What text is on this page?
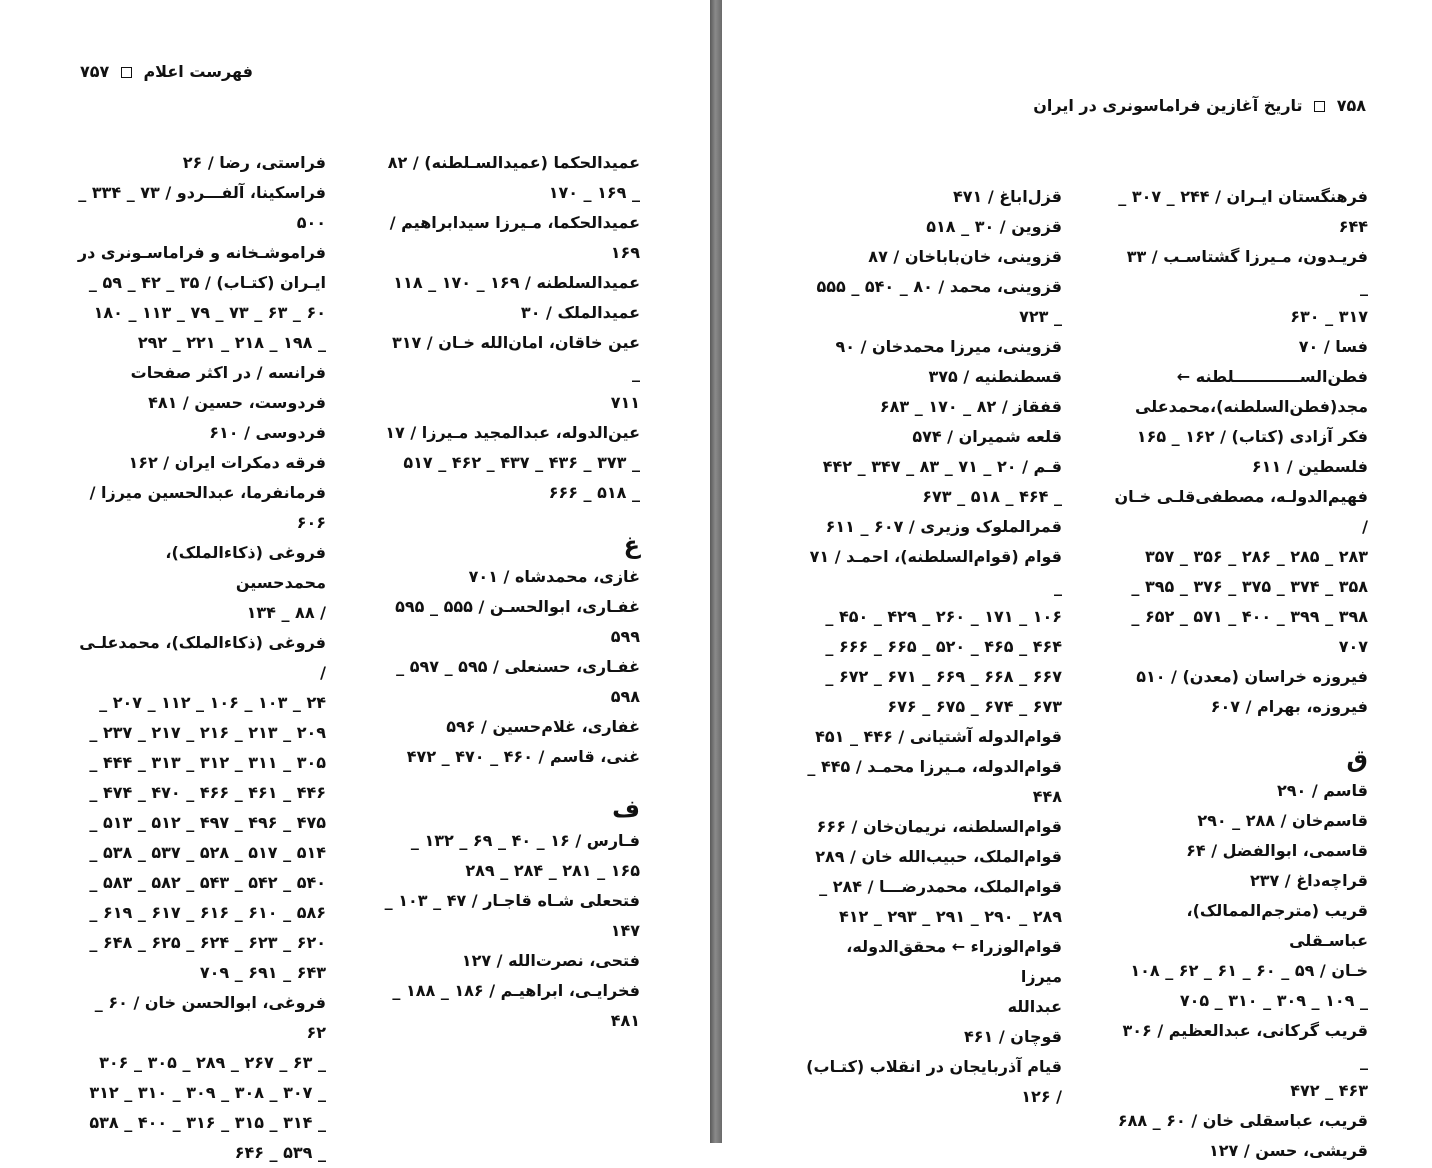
فهرست اعلام  ۷۵۷
عمیدالحکما (عمیدالسـلطنه) / ۸۲
_ ۱۶۹ _ ۱۷۰
عمیدالحکما، مـیرزا سیدابراهیم /
۱۶۹
عمیدالسلطنه / ۱۶۹ _ ۱۷۰ _ ۱۱۸
عمیدالملک / ۳۰
عین خاقان، امان‌الله خـان / ۳۱۷ _
۷۱۱
عین‌الدوله، عبدالمجید مـیرزا / ۱۷
_ ۳۷۳ _ ۴۳۶ _ ۴۳۷ _ ۴۶۲ _ ۵۱۷
_ ۵۱۸ _ ۶۶۶
غ
غازی، محمدشاه / ۷۰۱
غفـاری، ابوالحسـن / ۵۵۵ _ ۵۹۵
۵۹۹
غفـاری، حسنعلی / ۵۹۵ _ ۵۹۷ _
۵۹۸
غفاری، غلام‌حسین / ۵۹۶
غنی، قاسم / ۴۶۰ _ ۴۷۰ _ ۴۷۲
ف
فـارس / ۱۶ _ ۴۰ _ ۶۹ _ ۱۳۲ _
۱۶۵ _ ۲۸۱ _ ۲۸۴ _ ۲۸۹
فتحعلی شـاه قاجـار / ۴۷ _ ۱۰۳ _
۱۴۷
فتحی، نصرت‌الله / ۱۲۷
فخرایـی، ابراهیـم / ۱۸۶ _ ۱۸۸ _
۴۸۱
فراستی، رضا / ۲۶
فراسکینا، آلفـــردو / ۷۳ _ ۳۳۴ _
۵۰۰
فراموشـخانه و فراماسـونری در
ایـران (کتـاب) / ۳۵ _ ۴۲ _ ۵۹ _
۶۰ _ ۶۳ _ ۷۳ _ ۷۹ _ ۱۱۳ _ ۱۸۰
_ ۱۹۸ _ ۲۱۸ _ ۲۲۱ _ ۲۹۲
فرانسه / در اکثر صفحات
فردوست، حسین / ۴۸۱
فردوسی / ۶۱۰
فرقه دمکرات ایران / ۱۶۲
فرمانفرما، عبدالحسین میرزا / ۶۰۶
فروغی (ذکاءالملک)، محمدحسین
/ ۸۸ _ ۱۳۴
فروغی (ذکاءالملک)، محمدعلـی /
۲۴ _ ۱۰۳ _ ۱۰۶ _ ۱۱۲ _ ۲۰۷ _
۲۰۹ _ ۲۱۳ _ ۲۱۶ _ ۲۱۷ _ ۲۳۷ _
۳۰۵ _ ۳۱۱ _ ۳۱۲ _ ۳۱۳ _ ۴۴۴ _
۴۴۶ _ ۴۶۱ _ ۴۶۶ _ ۴۷۰ _ ۴۷۴ _
۴۷۵ _ ۴۹۶ _ ۴۹۷ _ ۵۱۲ _ ۵۱۳ _
۵۱۴ _ ۵۱۷ _ ۵۲۸ _ ۵۳۷ _ ۵۳۸ _
۵۴۰ _ ۵۴۲ _ ۵۴۳ _ ۵۸۲ _ ۵۸۳ _
۵۸۶ _ ۶۱۰ _ ۶۱۶ _ ۶۱۷ _ ۶۱۹ _
۶۲۰ _ ۶۲۳ _ ۶۲۴ _ ۶۲۵ _ ۶۴۸ _
۶۴۳ _ ۶۹۱ _ ۷۰۹
فروغی، ابوالحسن خان / ۶۰ _ ۶۲
_ ۶۳ _ ۲۶۷ _ ۲۸۹ _ ۳۰۵ _ ۳۰۶
_ ۳۰۷ _ ۳۰۸ _ ۳۰۹ _ ۳۱۰ _ ۳۱۲
_ ۳۱۴ _ ۳۱۵ _ ۳۱۶ _ ۴۰۰ _ ۵۳۸
_ ۵۳۹ _ ۶۴۶
۷۵۸  تاریخ آغازین فراماسونری در ایران
فرهنگستان ایـران / ۲۴۴ _ ۳۰۷ _
۶۴۴
فریـدون، مـیرزا گشتاسـب / ۳۳ _
۳۱۷ _ ۶۳۰
فسا / ۷۰
فطن‌الســــــــــــلطنه ←
مجد(فطن‌السلطنه)،محمدعلی
فکر آزادی (کتاب) / ۱۶۲ _ ۱۶۵
فلسطین / ۶۱۱
فهیم‌الدولـه، مصطفی‌قلـی خـان /
۲۸۳ _ ۲۸۵ _ ۲۸۶ _ ۳۵۶ _ ۳۵۷
۳۵۸ _ ۳۷۴ _ ۳۷۵ _ ۳۷۶ _ ۳۹۵ _
۳۹۸ _ ۳۹۹ _ ۴۰۰ _ ۵۷۱ _ ۶۵۲ _
۷۰۷
فیروزه خراسان (معدن) / ۵۱۰
فیروزه، بهرام / ۶۰۷
ق
قاسم / ۲۹۰
قاسم‌خان / ۲۸۸ _ ۲۹۰
قاسمی، ابوالفضل / ۶۴
قراچه‌داغ / ۲۳۷
قریب (مترجم‌الممالک)، عباسـقلی
خـان / ۵۹ _ ۶۰ _ ۶۱ _ ۶۲ _ ۱۰۸
_ ۱۰۹ _ ۳۰۹ _ ۳۱۰ _ ۷۰۵
قریب گرکانی، عبدالعظیم / ۳۰۶ _
۴۶۳ _ ۴۷۲
قریب، عباسقلی خان / ۶۰ _ ۶۸۸
قریشی، حسن / ۱۲۷
قزل‌اباغ / ۴۷۱
قزوین / ۳۰ _ ۵۱۸
قزوینی، خان‌باباخان / ۸۷
قزوینی، محمد / ۸۰ _ ۵۴۰ _ ۵۵۵
_ ۷۲۳
قزوینی، میرزا محمدخان / ۹۰
قسطنطنیه / ۳۷۵
قفقاز / ۸۲ _ ۱۷۰ _ ۶۸۳
قلعه شمیران / ۵۷۴
قـم / ۲۰ _ ۷۱ _ ۸۳ _ ۳۴۷ _ ۴۴۲
_ ۴۶۴ _ ۵۱۸ _ ۶۷۳
قمرالملوک وزیری / ۶۰۷ _ ۶۱۱
قوام (قوام‌السلطنه)، احمـد / ۷۱ _
۱۰۶ _ ۱۷۱ _ ۲۶۰ _ ۴۲۹ _ ۴۵۰ _
۴۶۴ _ ۴۶۵ _ ۵۲۰ _ ۶۶۵ _ ۶۶۶ _
۶۶۷ _ ۶۶۸ _ ۶۶۹ _ ۶۷۱ _ ۶۷۲ _
۶۷۳ _ ۶۷۴ _ ۶۷۵ _ ۶۷۶
قوام‌الدوله آشتیانی / ۴۴۶ _ ۴۵۱
قوام‌الدوله، مـیرزا محمـد / ۴۴۵ _
۴۴۸
قوام‌السلطنه، نریمان‌خان / ۶۶۶
قوام‌الملک، حبیب‌الله خان / ۲۸۹
قوام‌الملک، محمدرضـــا / ۲۸۴ _
۲۸۹ _ ۲۹۰ _ ۲۹۱ _ ۲۹۳ _ ۴۱۲
قوام‌الوزراء ← محقق‌الدوله، میرزا
عبدالله
قوچان / ۴۶۱
قیام آذربایجان در انقلاب (کتـاب)
/ ۱۲۶
